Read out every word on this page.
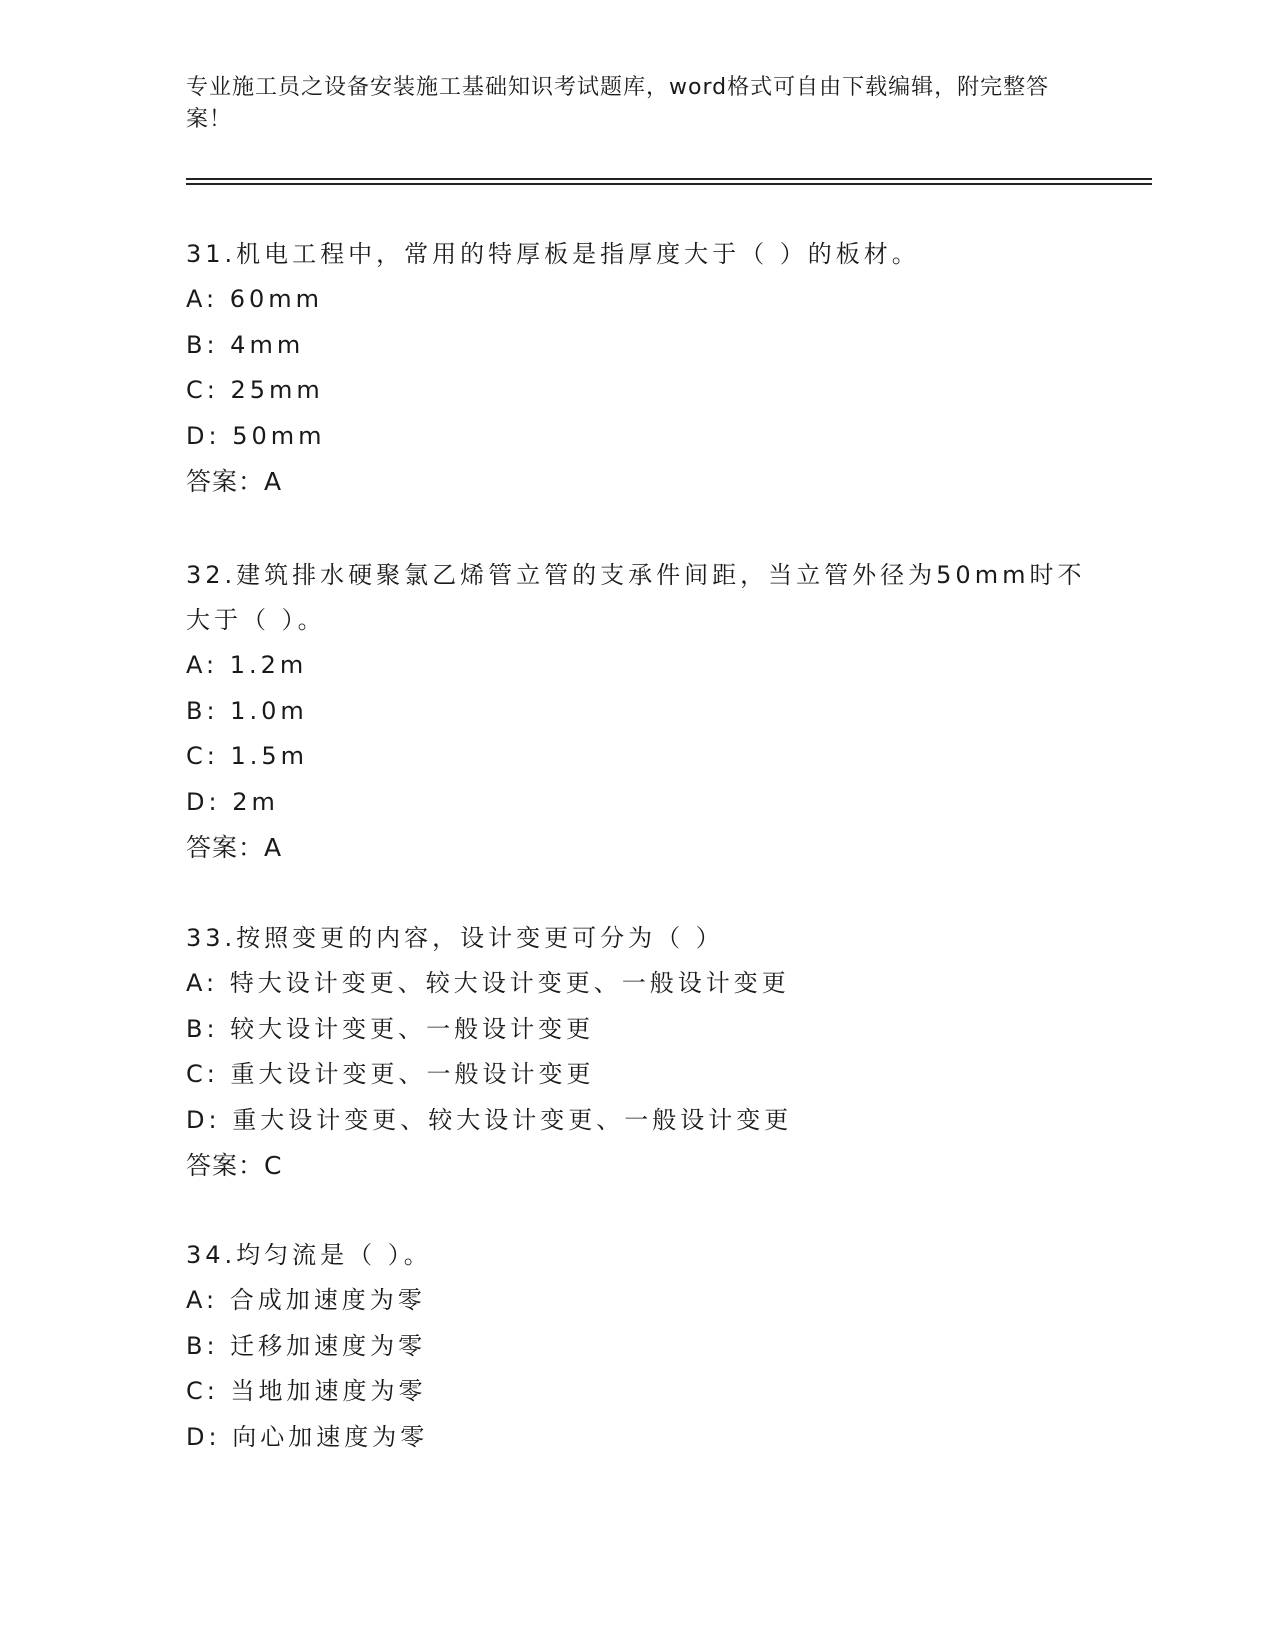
专业施工员之设备安装施工基础知识考试题库，word格式可自由下载编辑，附完整答案！

31.机电工程中，常用的特厚板是指厚度大于（ ）的板材。

A: 60mm

B: 4mm

C: 25mm

D: 50mm

答案：A

32.建筑排水硬聚氯乙烯管立管的支承件间距，当立管外径为50mm时不大于（ ）。

A: 1.2m

B: 1.0m

C: 1.5m

D: 2m

答案：A

33.按照变更的内容，设计变更可分为（ ）

A: 特大设计变更、较大设计变更、一般设计变更

B: 较大设计变更、一般设计变更

C: 重大设计变更、一般设计变更

D: 重大设计变更、较大设计变更、一般设计变更

答案：C

34.均匀流是（ ）。

A: 合成加速度为零

B: 迁移加速度为零

C: 当地加速度为零

D: 向心加速度为零
